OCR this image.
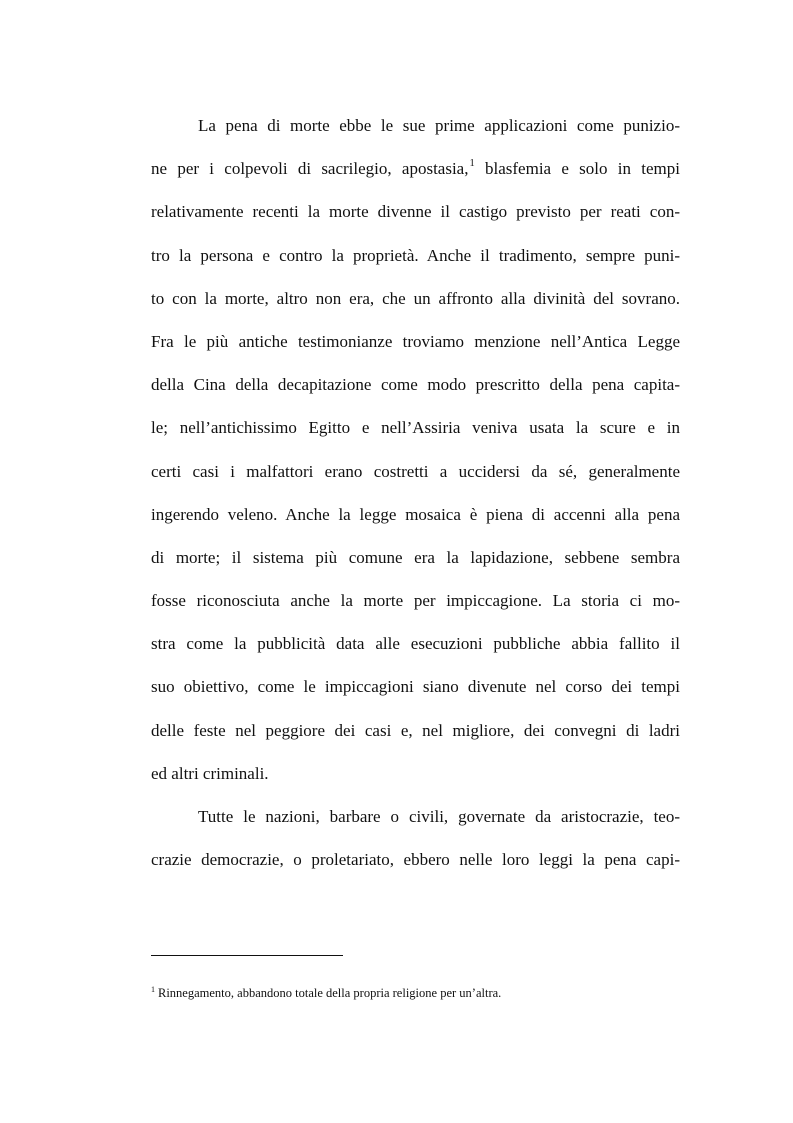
La pena di morte ebbe le sue prime applicazioni come punizio-
ne per i colpevoli di sacrilegio, apostasia,$^1$ blasfemia e solo in tempi
relativamente recenti la morte divenne il castigo previsto per reati con-
tro la persona e contro la proprietà. Anche il tradimento, sempre puni-
to con la morte, altro non era, che un affronto alla divinità del sovrano.
Fra le più antiche testimonianze troviamo menzione nell’Antica Legge
della Cina della decapitazione come modo prescritto della pena capita-
le; nell’antichissimo Egitto e nell’Assiria veniva usata la scure e in
certi casi i malfattori erano costretti a uccidersi da sé, generalmente
ingerendo veleno. Anche la legge mosaica è piena di accenni alla pena
di morte; il sistema più comune era la lapidazione, sebbene sembra
fosse riconosciuta anche la morte per impiccagione. La storia ci mo-
stra come la pubblicità data alle esecuzioni pubbliche abbia fallito il
suo obiettivo, come le impiccagioni siano divenute nel corso dei tempi
delle feste nel peggiore dei casi e, nel migliore, dei convegni di ladri
ed altri criminali.
Tutte le nazioni, barbare o civili, governate da aristocrazie, teo-
crazie democrazie, o proletariato, ebbero nelle loro leggi la pena capi-
$^1$ Rinnegamento, abbandono totale della propria religione per un’altra.
